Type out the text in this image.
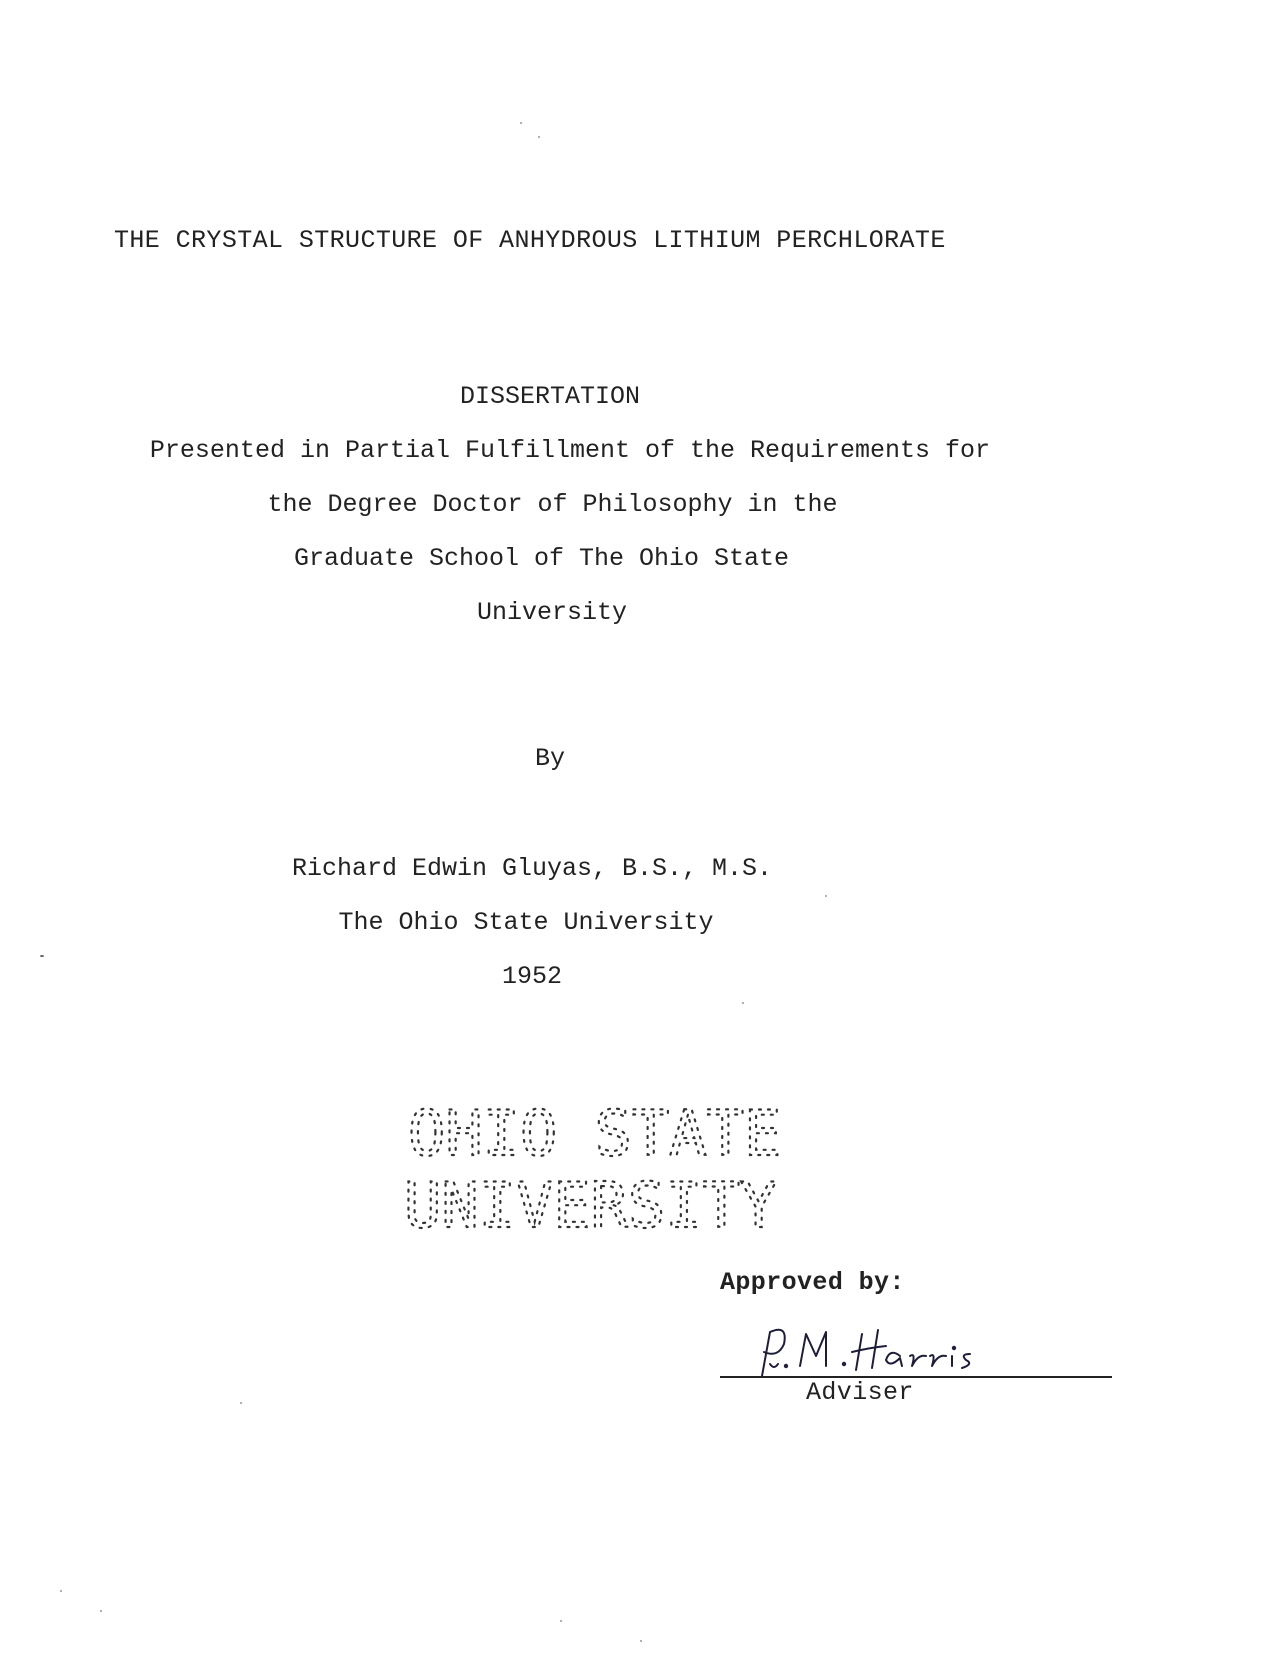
THE CRYSTAL STRUCTURE OF ANHYDROUS LITHIUM PERCHLORATE
DISSERTATION
Presented in Partial Fulfillment of the Requirements for
the Degree Doctor of Philosophy in the
Graduate School of The Ohio State
University
By
Richard Edwin Gluyas, B.S., M.S.
The Ohio State University
1952
OHIO STATE
UNIVERSITY
Approved by:
Adviser
